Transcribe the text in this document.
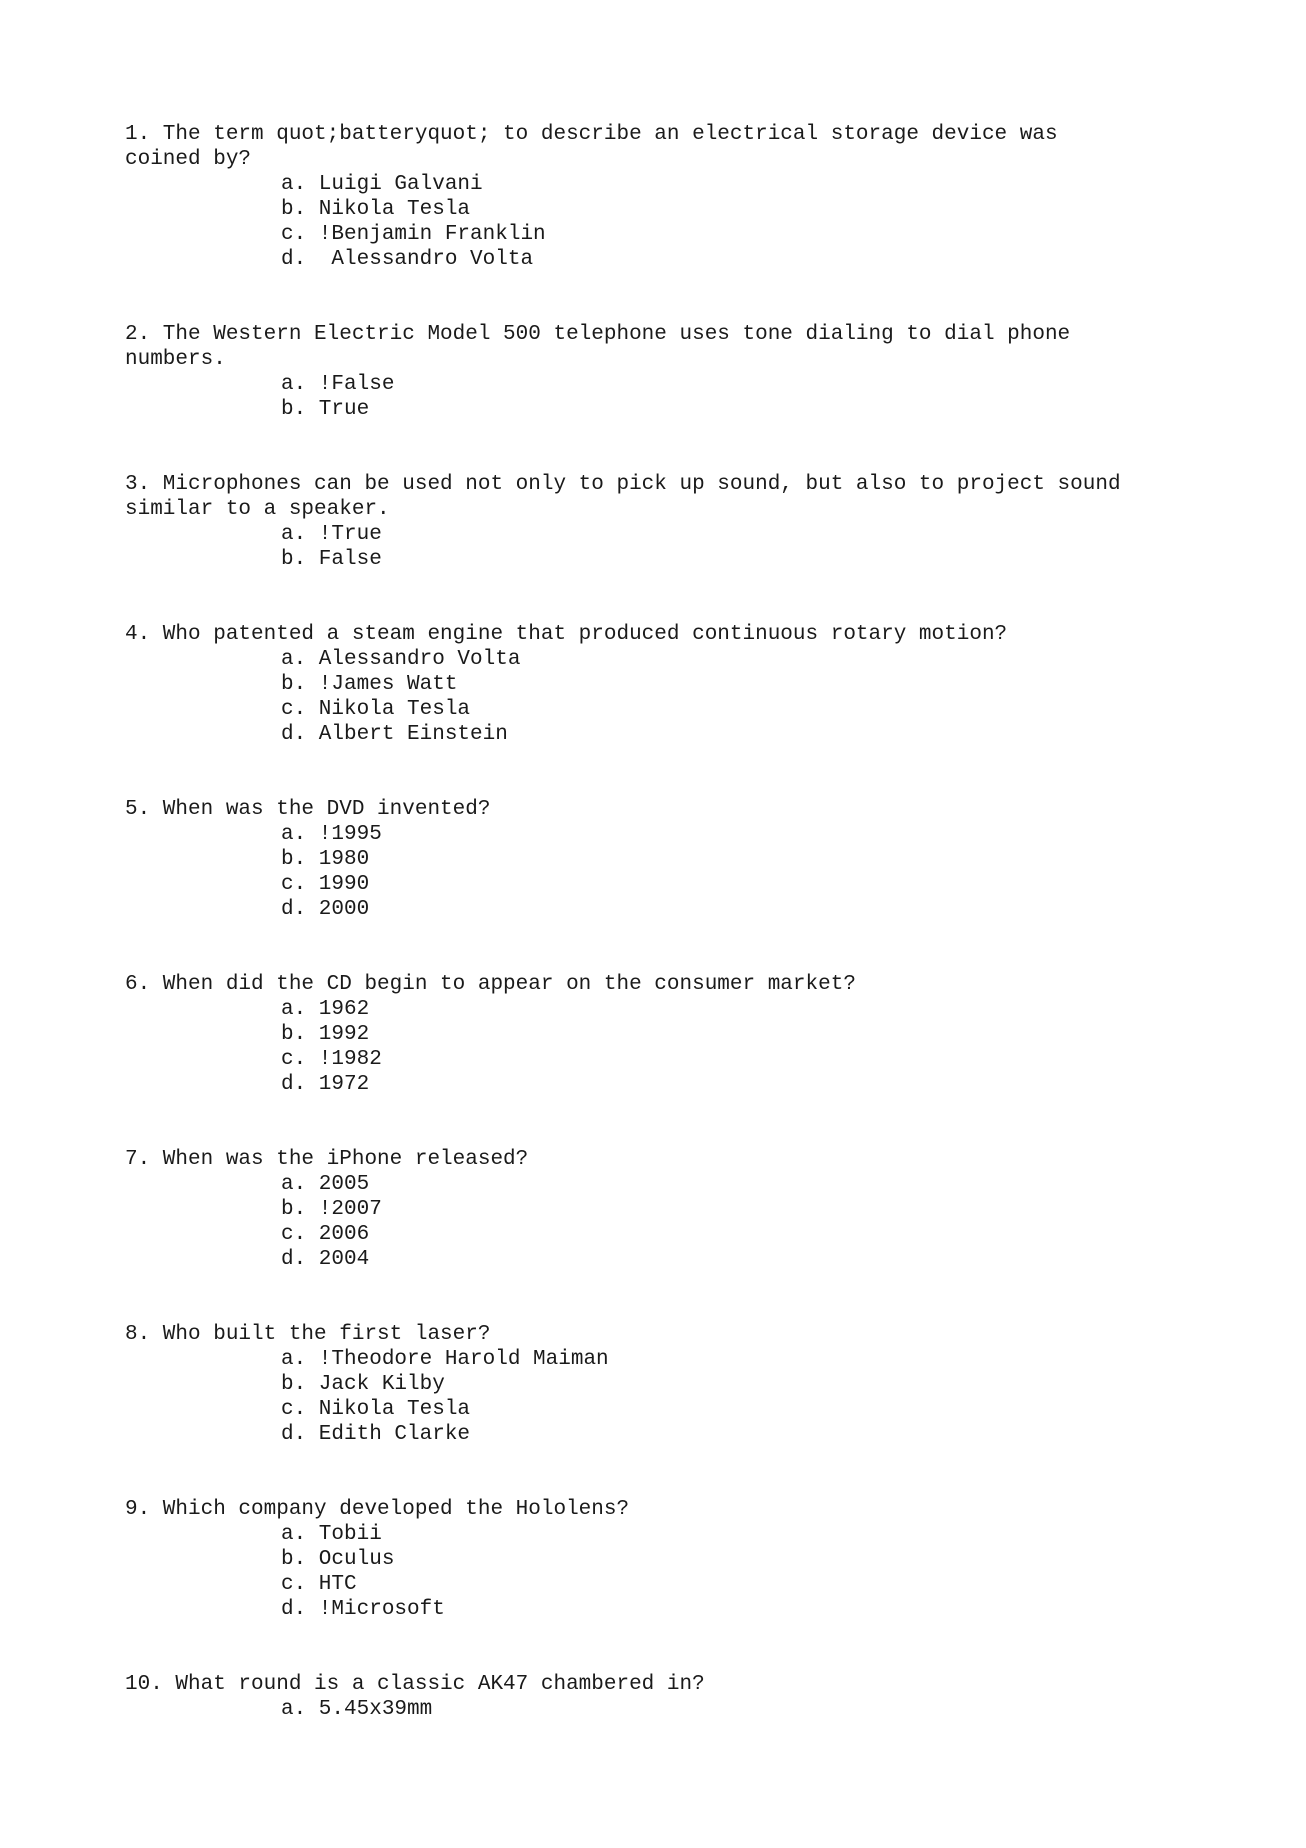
1. The term quot;batteryquot; to describe an electrical storage device was
coined by?

a. Luigi Galvani
b. Nikola Tesla
c. !Benjamin Franklin
d.  Alessandro Volta

2. The Western Electric Model 500 telephone uses tone dialing to dial phone
numbers.

a. !False
b. True

3. Microphones can be used not only to pick up sound, but also to project sound
similar to a speaker.

a. !True
b. False

4. Who patented a steam engine that produced continuous rotary motion?

a. Alessandro Volta
b. !James Watt
c. Nikola Tesla
d. Albert Einstein

5. When was the DVD invented?

a. !1995
b. 1980
c. 1990
d. 2000

6. When did the CD begin to appear on the consumer market?

a. 1962
b. 1992
c. !1982
d. 1972

7. When was the iPhone released?

a. 2005
b. !2007
c. 2006
d. 2004

8. Who built the first laser?

a. !Theodore Harold Maiman
b. Jack Kilby
c. Nikola Tesla
d. Edith Clarke

9. Which company developed the Hololens?

a. Tobii
b. Oculus
c. HTC
d. !Microsoft

10. What round is a classic AK47 chambered in?

a. 5.45x39mm
